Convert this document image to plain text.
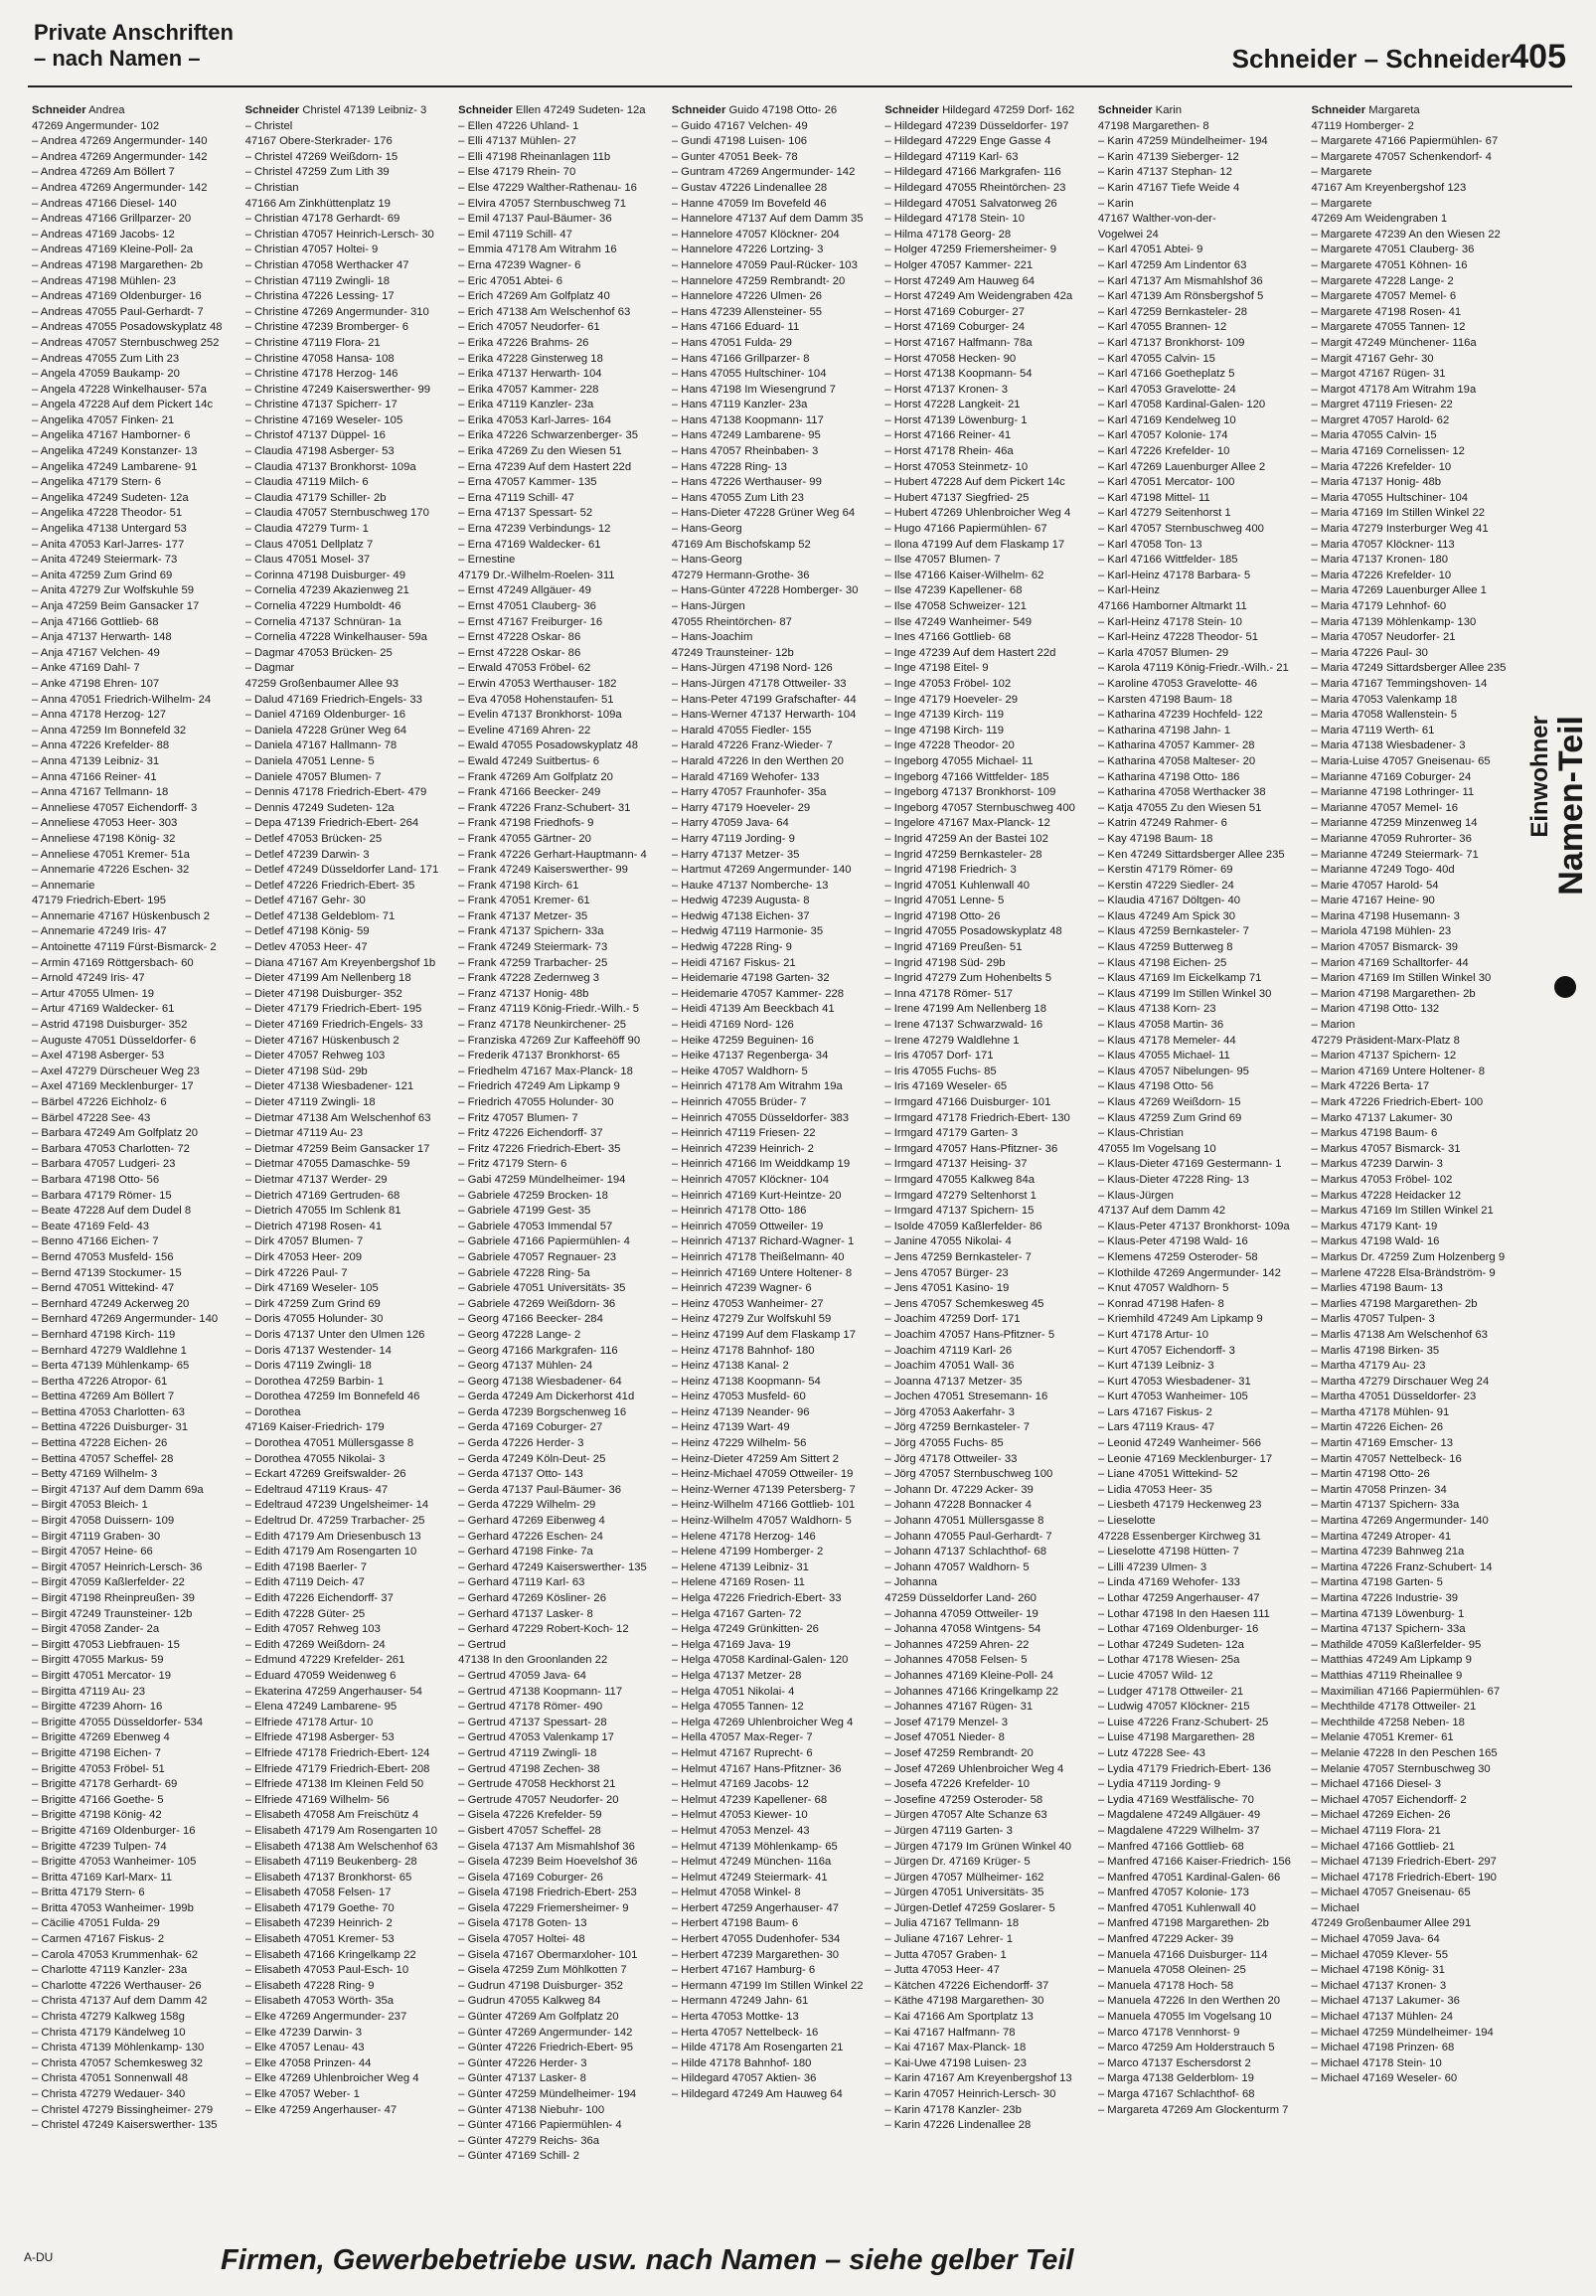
Private Anschriften
– nach Namen –	Schneider – Schneider 405
Schneider Andrea
47269 Angermunder- 102
– Andrea 47269 Angermunder- 140
– Andrea 47269 Angermunder- 142
– Andrea 47269 Am Böllert 7
– Andrea 47269 Angermunder- 142
– Andreas 47166 Diesel- 140
– Andreas 47166 Grillparzer- 20
– Andreas 47169 Jacobs- 12
– Andreas 47169 Kleine-Poll- 2a
– Andreas 47198 Margarethen- 2b
– Andreas 47198 Mühlen- 23
– Andreas 47169 Oldenburger- 16
– Andreas 47055 Paul-Gerhardt- 7
– Andreas 47055 Posadowskyplatz 48
– Andreas 47057 Sternbuschweg 252
– Andreas 47055 Zum Lith 23
– Angela 47059 Baukamp- 20
– Angela 47228 Winkelhauser- 57a
– Angela 47228 Auf dem Pickert 14c
– Angelika 47057 Finken- 21
– Angelika 47167 Hamborner- 6
– Angelika 47249 Konstanzer- 13
– Angelika 47249 Lambarene- 91
– Angelika 47179 Stern- 6
– Angelika 47249 Sudeten- 12a
– Angelika 47228 Theodor- 51
– Angelika 47138 Untergard 53
– Anita 47053 Karl-Jarres- 177
– Anita 47249 Steiermark- 73
– Anita 47259 Zum Grind 69
– Anita 47279 Zur Wolfskuhle 59
– Anja 47259 Beim Gansacker 17
– Anja 47166 Gottlieb- 68
– Anja 47137 Herwarth- 148
– Anja 47167 Velchen- 49
– Anke 47169 Dahl- 7
– Anke 47198 Ehren- 107
– Anna 47051 Friedrich-Wilhelm- 24
– Anna 47178 Herzog- 127
– Anna 47259 Im Bonnefeld 32
– Anna 47226 Krefelder- 88
– Anna 47139 Leibniz- 31
– Anna 47166 Reiner- 41
– Anna 47167 Tellmann- 18
– Anneliese 47057 Eichendorff- 3
– Anneliese 47053 Heer- 303
– Anneliese 47198 König- 32
– Anneliese 47051 Kremer- 51a
– Annemarie 47226 Eschen- 32
– Annemarie
47179 Friedrich-Ebert- 195
– Annemarie 47167 Hüskenbusch 2
– Annemarie 47249 Iris- 47
– Antoinette 47119 Fürst-Bismarck- 2
– Armin 47169 Röttgersbach- 60
– Arnold 47249 Iris- 47
– Artur 47055 Ulmen- 19
– Artur 47169 Waldecker- 61
– Astrid 47198 Duisburger- 352
– Auguste 47051 Düsseldorfer- 6
– Axel 47198 Asberger- 53
– Axel 47279 Dürscheuer Weg 23
– Axel 47169 Mecklenburger- 17
– Bärbel 47226 Eichholz- 6
– Bärbel 47228 See- 43
– Barbara 47249 Am Golfplatz 20
– Barbara 47053 Charlotten- 72
– Barbara 47057 Ludgeri- 23
– Barbara 47198 Otto- 56
– Barbara 47179 Römer- 15
– Beate 47228 Auf dem Dudel 8
– Beate 47169 Feld- 43
– Benno 47166 Eichen- 7
– Bernd 47053 Musfeld- 156
– Bernd 47139 Stockumer- 15
– Bernd 47051 Wittekind- 47
– Bernhard 47249 Ackerweg 20
– Bernhard 47269 Angermunder- 140
– Bernhard 47198 Kirch- 119
– Bernhard 47279 Waldlehne 1
– Berta 47139 Mühlenkamp- 65
– Bertha 47226 Atropor- 61
– Bettina 47269 Am Böllert 7
– Bettina 47053 Charlotten- 63
– Bettina 47226 Duisburger- 31
– Bettina 47228 Eichen- 26
– Bettina 47057 Scheffel- 28
– Betty 47169 Wilhelm- 3
– Birgit 47137 Auf dem Damm 69a
– Birgit 47053 Bleich- 1
– Birgit 47058 Duissern- 109
– Birgit 47119 Graben- 30
– Birgit 47057 Heine- 66
– Birgit 47057 Heinrich-Lersch- 36
– Birgit 47059 Kaßlerfelder- 22
– Birgit 47198 Rheinpreußen- 39
– Birgit 47249 Traunsteiner- 12b
– Birgit 47058 Zander- 2a
– Birgitt 47053 Liebfrauen- 15
– Birgitt 47055 Markus- 59
– Birgitt 47051 Mercator- 19
– Birgitta 47119 Au- 23
– Birgitte 47239 Ahorn- 16
– Brigitte 47055 Düsseldorfer- 534
– Brigitte 47269 Ebenweg 4
– Brigitte 47198 Eichen- 7
– Brigitte 47053 Fröbel- 51
– Brigitte 47178 Gerhardt- 69
– Brigitte 47166 Goethe- 5
– Brigitte 47198 König- 42
– Brigitte 47169 Oldenburger- 16
– Brigitte 47239 Tulpen- 74
– Brigitte 47053 Wanheimer- 105
– Britta 47169 Karl-Marx- 11
– Britta 47179 Stern- 6
– Britta 47053 Wanheimer- 199b
– Cäcilie 47051 Fulda- 29
– Carmen 47167 Fiskus- 2
– Carola 47053 Krummenhak- 62
– Charlotte 47119 Kanzler- 23a
– Charlotte 47226 Werthauser- 26
– Christa 47137 Auf dem Damm 42
– Christa 47279 Kalkweg 158g
– Christa 47179 Kändelweg 10
– Christa 47139 Möhlenkamp- 130
– Christa 47057 Schemkesweg 32
– Christa 47051 Sonnenwall 48
– Christa 47279 Wedauer- 340
– Christel 47279 Bissingheimer- 279
– Christel 47249 Kaiserswerther- 135
Schneider Christel 47139 Leibniz- 3
– Christel
47167 Obere-Sterkrader- 176
– Christel 47269 Weißdorn- 15
– Christel 47259 Zum Lith 39
– Christian
47166 Am Zinkhüttenplatz 19
– Christian 47178 Gerhardt- 69
– Christian 47057 Heinrich-Lersch- 30
– Christian 47057 Holtei- 9
– Christian 47058 Werthacker 47
– Christian 47119 Zwingli- 18
– Christina 47226 Lessing- 17
– Christine 47269 Angermunder- 310
– Christine 47239 Bromberger- 6
– Christine 47119 Flora- 21
– Christine 47058 Hansa- 108
– Christine 47178 Herzog- 146
– Christine 47249 Kaiserswerther- 99
– Christine 47137 Spicherr- 17
– Christine 47169 Weseler- 105
– Christof 47137 Düppel- 16
– Claudia 47198 Asberger- 53
– Claudia 47137 Bronkhorst- 109a
– Claudia 47119 Milch- 6
– Claudia 47179 Schiller- 2b
– Claudia 47057 Sternbuschweg 170
– Claudia 47279 Turm- 1
– Claus 47051 Dellplatz 7
– Claus 47051 Mosel- 37
– Corinna 47198 Duisburger- 49
– Cornelia 47239 Akazienweg 21
– Cornelia 47229 Humboldt- 46
– Cornelia 47137 Schnüran- 1a
– Cornelia 47228 Winkelhauser- 59a
– Dagmar 47053 Brücken- 25
– Dagmar
47259 Großenbaumer Allee 93
– Dalud 47169 Friedrich-Engels- 33
– Daniel 47169 Oldenburger- 16
– Daniela 47228 Grüner Weg 64
– Daniela 47167 Hallmann- 78
– Daniela 47051 Lenne- 5
– Daniele 47057 Blumen- 7
– Dennis 47178 Friedrich-Ebert- 479
– Dennis 47249 Sudeten- 12a
– Depa 47139 Friedrich-Ebert- 264
– Detlef 47053 Brücken- 25
– Detlef 47239 Darwin- 3
– Detlef 47249 Düsseldorfer Land- 171
– Detlef 47226 Friedrich-Ebert- 35
– Detlef 47167 Gehr- 30
– Detlef 47138 Geldeblom- 71
– Detlef 47198 König- 59
– Detlev 47053 Heer- 47
– Diana 47167 Am Kreyenbergshof 1b
– Dieter 47199 Am Nellenberg 18
– Dieter 47198 Duisburger- 352
– Dieter 47179 Friedrich-Ebert- 195
– Dieter 47169 Friedrich-Engels- 33
– Dieter 47167 Hüskenbusch 2
– Dieter 47057 Rehweg 103
– Dieter 47198 Süd- 29b
– Dieter 47138 Wiesbadener- 121
– Dieter 47119 Zwingli- 18
– Dietmar 47138 Am Welschenhof 63
– Dietmar 47119 Au- 23
– Dietmar 47259 Beim Gansacker 17
– Dietmar 47055 Damaschke- 59
– Dietmar 47137 Werder- 29
– Dietrich 47169 Gertruden- 68
– Dietrich 47055 Im Schlenk 81
– Dietrich 47198 Rosen- 41
– Dirk 47057 Blumen- 7
– Dirk 47053 Heer- 209
– Dirk 47226 Paul- 7
– Dirk 47169 Weseler- 105
– Dirk 47259 Zum Grind 69
– Doris 47055 Holunder- 30
– Doris 47137 Unter den Ulmen 126
– Doris 47137 Westender- 14
– Doris 47119 Zwingli- 18
– Dorothea 47259 Barbin- 1
– Dorothea 47259 Im Bonnefeld 46
– Dorothea
47169 Kaiser-Friedrich- 179
– Dorothea 47051 Müllersgasse 8
– Dorothea 47055 Nikolai- 3
– Eckart 47269 Greifswalder- 26
– Edeltraud 47119 Kraus- 47
– Edeltraud 47239 Ungelsheimer- 14
– Edeltrud Dr. 47259 Trarbacher- 25
– Edith 47179 Am Driesenbusch 13
– Edith 47179 Am Rosengarten 10
– Edith 47198 Baerler- 7
– Edith 47119 Deich- 47
– Edith 47226 Eichendorff- 37
– Edith 47228 Güter- 25
– Edith 47057 Rehweg 103
– Edith 47269 Weißdorn- 24
– Edmund 47229 Krefelder- 261
– Eduard 47059 Weidenweg 6
– Ekaterina 47259 Angerhauser- 54
– Elena 47249 Lambarene- 95
– Elfriede 47178 Artur- 10
– Elfriede 47198 Asberger- 53
– Elfriede 47178 Friedrich-Ebert- 124
– Elfriede 47179 Friedrich-Ebert- 208
– Elfriede 47138 Im Kleinen Feld 50
– Elfriede 47169 Wilhelm- 56
– Elisabeth 47058 Am Freischütz 4
– Elisabeth 47179 Am Rosengarten 10
– Elisabeth 47138 Am Welschenhof 63
– Elisabeth 47119 Beukenberg- 28
– Elisabeth 47137 Bronkhorst- 65
– Elisabeth 47058 Felsen- 17
– Elisabeth 47179 Goethe- 70
– Elisabeth 47239 Heinrich- 2
– Elisabeth 47051 Kremer- 53
– Elisabeth 47166 Kringelkamp 22
– Elisabeth 47053 Paul-Esch- 10
– Elisabeth 47228 Ring- 9
– Elisabeth 47053 Wörth- 35a
– Elke 47269 Angermunder- 237
– Elke 47239 Darwin- 3
– Elke 47057 Lenau- 43
– Elke 47058 Prinzen- 44
– Elke 47269 Uhlenbroicher Weg 4
– Elke 47057 Weber- 1
– Elke 47259 Angerhauser- 47
Schneider Ellen 47249 Sudeten- 12a
– Ellen 47226 Uhland- 1
– Elli 47137 Mühlen- 27
– Elli 47198 Rheinanlagen 11b
– Else 47179 Rhein- 70
– Else 47229 Walther-Rathenau- 16
– Elvira 47057 Sternbuschweg 71
– Emil 47137 Paul-Bäumer- 36
– Emil 47119 Schill- 47
– Emmia 47178 Am Witrahm 16
– Erna 47239 Wagner- 6
– Eric 47051 Abtei- 6
– Erich 47269 Am Golfplatz 40
– Erich 47138 Am Welschenhof 63
– Erich 47057 Neudorfer- 61
– Erika 47226 Brahms- 26
– Erika 47228 Ginsterweg 18
– Erika 47137 Herwarth- 104
– Erika 47057 Kammer- 228
– Erika 47119 Kanzler- 23a
– Erika 47053 Karl-Jarres- 164
– Erika 47226 Schwarzenberger- 35
– Erika 47269 Zu den Wiesen 51
– Erna 47239 Auf dem Hastert 22d
– Erna 47057 Kammer- 135
– Erna 47119 Schill- 47
– Erna 47137 Spessart- 52
– Erna 47239 Verbindungs- 12
– Erna 47169 Waldecker- 61
– Ernestine
47179 Dr.-Wilhelm-Roelen- 311
– Ernst 47249 Allgäuer- 49
– Ernst 47051 Clauberg- 36
– Ernst 47167 Freiburger- 16
– Ernst 47228 Oskar- 86
– Ernst 47228 Oskar- 86
– Erwald 47053 Fröbel- 62
– Erwin 47053 Werthauser- 182
– Eva 47058 Hohenstaufen- 51
– Evelin 47137 Bronkhorst- 109a
– Eveline 47169 Ahren- 22
– Ewald 47055 Posadowskyplatz 48
– Ewald 47249 Suitbertus- 6
– Frank 47269 Am Golfplatz 20
– Frank 47166 Beecker- 249
– Frank 47226 Franz-Schubert- 31
– Frank 47198 Friedhofs- 9
– Frank 47055 Gärtner- 20
– Frank 47226 Gerhart-Hauptmann- 4
– Frank 47249 Kaiserswerther- 99
– Frank 47198 Kirch- 61
– Frank 47051 Kremer- 61
– Frank 47137 Metzer- 35
– Frank 47137 Spichern- 33a
– Frank 47249 Steiermark- 73
– Frank 47259 Trarbacher- 25
– Frank 47228 Zedernweg 3
– Franz 47137 Honig- 48b
– Franz 47119 König-Friedr.-Wilh.- 5
– Franz 47178 Neunkirchener- 25
– Franziska 47269 Zur Kaffeehöff 90
– Frederik 47137 Bronkhorst- 65
– Friedhelm 47167 Max-Planck- 18
– Friedrich 47249 Am Lipkamp 9
– Friedrich 47055 Holunder- 30
– Fritz 47057 Blumen- 7
– Fritz 47226 Eichendorff- 37
– Fritz 47226 Friedrich-Ebert- 35
– Fritz 47179 Stern- 6
– Gabi 47259 Mündelheimer- 194
– Gabriele 47259 Brocken- 18
– Gabriele 47199 Gest- 35
– Gabriele 47053 Immendal 57
– Gabriele 47166 Papiermühlen- 4
– Gabriele 47057 Regnauer- 23
– Gabriele 47228 Ring- 5a
– Gabriele 47051 Universitäts- 35
– Gabriele 47269 Weißdorn- 36
– Georg 47166 Beecker- 284
– Georg 47228 Lange- 2
– Georg 47166 Markgrafen- 116
– Georg 47137 Mühlen- 24
– Georg 47138 Wiesbadener- 64
– Gerda 47249 Am Dickerhorst 41d
– Gerda 47239 Borgschenweg 16
– Gerda 47169 Coburger- 27
– Gerda 47226 Herder- 3
– Gerda 47249 Köln-Deut- 25
– Gerda 47137 Otto- 143
– Gerda 47137 Paul-Bäumer- 36
– Gerda 47229 Wilhelm- 29
– Gerhard 47269 Eibenweg 4
– Gerhard 47226 Eschen- 24
– Gerhard 47198 Finke- 7a
– Gerhard 47249 Kaiserswerther- 135
– Gerhard 47119 Karl- 63
– Gerhard 47269 Kösliner- 26
– Gerhard 47137 Lasker- 8
– Gerhard 47229 Robert-Koch- 12
– Gertrud
47138 In den Groonlanden 22
– Gertrud 47059 Java- 64
– Gertrud 47138 Koopmann- 117
– Gertrud 47178 Römer- 490
– Gertrud 47137 Spessart- 28
– Gertrud 47053 Valenkamp 17
– Gertrud 47119 Zwingli- 18
– Gertrud 47198 Zechen- 38
– Gertrude 47058 Heckhorst 21
– Gertrude 47057 Neudorfer- 20
– Gisela 47226 Krefelder- 59
– Gisbert 47057 Scheffel- 28
– Gisela 47137 Am Mismahlshof 36
– Gisela 47239 Beim Hoevelshof 36
– Gisela 47169 Coburger- 26
– Gisela 47198 Friedrich-Ebert- 253
– Gisela 47229 Friemersheimer- 9
– Gisela 47178 Goten- 13
– Gisela 47057 Holtei- 48
– Gisela 47167 Obermarxloher- 101
– Gisela 47259 Zum Möhlkotten 7
– Gudrun 47198 Duisburger- 352
– Gudrun 47055 Kalkweg 84
– Günter 47269 Am Golfplatz 20
– Günter 47269 Angermunder- 142
– Günter 47226 Friedrich-Ebert- 95
– Günter 47226 Herder- 3
– Günter 47137 Lasker- 8
– Günter 47259 Mündelheimer- 194
– Günter 47138 Niebuhr- 100
– Günter 47166 Papiermühlen- 4
– Günter 47279 Reichs- 36a
– Günter 47169 Schill- 2
Schneider Guido 47198 Otto- 26
– Guido 47167 Velchen- 49
– Gundi 47198 Luisen- 106
– Gunter 47051 Beek- 78
– Guntram 47269 Angermunder- 142
– Gustav 47226 Lindenallee 28
– Hanne 47059 Im Bovefeld 46
– Hannelore 47137 Auf dem Damm 35
– Hannelore 47057 Klöckner- 204
– Hannelore 47226 Lortzing- 3
– Hannelore 47059 Paul-Rücker- 103
– Hannelore 47259 Rembrandt- 20
– Hannelore 47226 Ulmen- 26
– Hans 47239 Allensteiner- 55
– Hans 47166 Eduard- 11
– Hans 47051 Fulda- 29
– Hans 47166 Grillparzer- 8
– Hans 47055 Hultschiner- 104
– Hans 47198 Im Wiesengrund 7
– Hans 47119 Kanzler- 23a
– Hans 47138 Koopmann- 117
– Hans 47249 Lambarene- 95
– Hans 47057 Rheinbaben- 3
– Hans 47228 Ring- 13
– Hans 47226 Werthauser- 99
– Hans 47055 Zum Lith 23
– Hans-Dieter 47228 Grüner Weg 64
– Hans-Georg
47169 Am Bischofskamp 52
– Hans-Georg
47279 Hermann-Grothe- 36
– Hans-Günter 47228 Homberger- 30
– Hans-Jürgen
47055 Rheintörchen- 87
– Hans-Joachim
47249 Traunsteiner- 12b
– Hans-Jürgen 47198 Nord- 126
– Hans-Jürgen 47178 Ottweiler- 33
– Hans-Peter 47199 Grafschafter- 44
– Hans-Werner 47137 Herwarth- 104
– Harald 47055 Fiedler- 155
– Harald 47226 Franz-Wieder- 7
– Harald 47226 In den Werthen 20
– Harald 47169 Wehofer- 133
– Harry 47057 Fraunhofer- 35a
– Harry 47179 Hoeveler- 29
– Harry 47059 Java- 64
– Harry 47119 Jording- 9
– Harry 47137 Metzer- 35
– Hartmut 47269 Angermunder- 140
– Hauke 47137 Nomberche- 13
– Hedwig 47239 Augusta- 8
– Hedwig 47138 Eichen- 37
– Hedwig 47119 Harmonie- 35
– Hedwig 47228 Ring- 9
– Heidi 47167 Fiskus- 21
– Heidemarie 47198 Garten- 32
– Heidemarie 47057 Kammer- 228
– Heidi 47139 Am Beeckbach 41
– Heidi 47169 Nord- 126
– Heike 47259 Beguinen- 16
– Heike 47137 Regenberga- 34
– Heike 47057 Waldhorn- 5
– Heinrich 47178 Am Witrahm 19a
– Heinrich 47055 Brüder- 7
– Heinrich 47055 Düsseldorfer- 383
– Heinrich 47119 Friesen- 22
– Heinrich 47239 Heinrich- 2
– Heinrich 47166 Im Weiddkamp 19
– Heinrich 47057 Klöckner- 104
– Heinrich 47169 Kurt-Heintze- 20
– Heinrich 47178 Otto- 186
– Heinrich 47059 Ottweiler- 19
– Heinrich 47137 Richard-Wagner- 1
– Heinrich 47178 Theißelmann- 40
– Heinrich 47169 Untere Holtener- 8
– Heinrich 47239 Wagner- 6
– Heinz 47053 Wanheimer- 27
– Heinz 47279 Zur Wolfskuhl 59
– Heinz 47199 Auf dem Flaskamp 17
– Heinz 47178 Bahnhof- 180
– Heinz 47138 Kanal- 2
– Heinz 47138 Koopmann- 54
– Heinz 47053 Musfeld- 60
– Heinz 47139 Neander- 96
– Heinz 47139 Wart- 49
– Heinz 47229 Wilhelm- 56
– Heinz-Dieter 47259 Am Sittert 2
– Heinz-Michael 47059 Ottweiler- 19
– Heinz-Werner 47139 Petersberg- 7
– Heinz-Wilhelm 47166 Gottlieb- 101
– Heinz-Wilhelm 47057 Waldhorn- 5
– Helene 47178 Herzog- 146
– Helene 47199 Homberger- 2
– Helene 47139 Leibniz- 31
– Helene 47169 Rosen- 11
– Helga 47226 Friedrich-Ebert- 33
– Helga 47167 Garten- 72
– Helga 47249 Grünkitten- 26
– Helga 47169 Java- 19
– Helga 47058 Kardinal-Galen- 120
– Helga 47137 Metzer- 28
– Helga 47051 Nikolai- 4
– Helga 47055 Tannen- 12
– Helga 47269 Uhlenbroicher Weg 4
– Hella 47057 Max-Reger- 7
– Helmut 47167 Ruprecht- 6
– Helmut 47167 Hans-Pfitzner- 36
– Helmut 47169 Jacobs- 12
– Helmut 47239 Kapellener- 68
– Helmut 47053 Kiewer- 10
– Helmut 47053 Menzel- 43
– Helmut 47139 Möhlenkamp- 65
– Helmut 47249 München- 116a
– Helmut 47249 Steiermark- 41
– Helmut 47058 Winkel- 8
– Herbert 47259 Angerhauser- 47
– Herbert 47198 Baum- 6
– Herbert 47055 Dudenhofer- 534
– Herbert 47239 Margarethen- 30
– Herbert 47167 Hamburg- 6
– Hermann 47199 Im Stillen Winkel 22
– Hermann 47249 Jahn- 61
– Herta 47053 Mottke- 13
– Herta 47057 Nettelbeck- 16
– Hilde 47178 Am Rosengarten 21
– Hilde 47178 Bahnhof- 180
– Hildegard 47057 Aktien- 36
– Hildegard 47249 Am Hauweg 64
Schneider Hildegard 47259 Dorf- 162
– Hildegard 47239 Düsseldorfer- 197
– Hildegard 47229 Enge Gasse 4
– Hildegard 47119 Karl- 63
– Hildegard 47166 Markgrafen- 116
– Hildegard 47055 Rheintörchen- 23
– Hildegard 47051 Salvatorweg 26
– Hildegard 47178 Stein- 10
– Hilma 47178 Georg- 28
– Holger 47259 Friemersheimer- 9
– Holger 47057 Kammer- 221
– Horst 47249 Am Hauweg 64
– Horst 47249 Am Weidengraben 42a
– Horst 47169 Coburger- 27
– Horst 47169 Coburger- 24
– Horst 47167 Halfmann- 78a
– Horst 47058 Hecken- 90
– Horst 47138 Koopmann- 54
– Horst 47137 Kronen- 3
– Horst 47228 Langkeit- 21
– Horst 47139 Löwenburg- 1
– Horst 47166 Reiner- 41
– Horst 47178 Rhein- 46a
– Horst 47053 Steinmetz- 10
– Hubert 47228 Auf dem Pickert 14c
– Hubert 47137 Siegfried- 25
– Hubert 47269 Uhlenbroicher Weg 4
– Hugo 47166 Papiermühlen- 67
– Ilona 47199 Auf dem Flaskamp 17
– Ilse 47057 Blumen- 7
– Ilse 47166 Kaiser-Wilhelm- 62
– Ilse 47239 Kapellener- 68
– Ilse 47058 Schweizer- 121
– Ilse 47249 Wanheimer- 549
– Ines 47166 Gottlieb- 68
– Inge 47239 Auf dem Hastert 22d
– Inge 47198 Eitel- 9
– Inge 47053 Fröbel- 102
– Inge 47179 Hoeveler- 29
– Inge 47139 Kirch- 119
– Inge 47198 Kirch- 119
– Inge 47228 Theodor- 20
– Ingeborg 47055 Michael- 11
– Ingeborg 47166 Wittfelder- 185
– Ingeborg 47137 Bronkhorst- 109
– Ingeborg 47057 Sternbuschweg 400
– Ingelore 47167 Max-Planck- 12
– Ingrid 47259 An der Bastei 102
– Ingrid 47259 Bernkasteler- 28
– Ingrid 47198 Friedrich- 3
– Ingrid 47051 Kuhlenwall 40
– Ingrid 47051 Lenne- 5
– Ingrid 47198 Otto- 26
– Ingrid 47055 Posadowskyplatz 48
– Ingrid 47169 Preußen- 51
– Ingrid 47198 Süd- 29b
– Ingrid 47279 Zum Hohenbelts 5
– Inna 47178 Römer- 517
– Irene 47199 Am Nellenberg 18
– Irene 47137 Schwarzwald- 16
– Irene 47279 Waldlehne 1
– Iris 47057 Dorf- 171
– Iris 47055 Fuchs- 85
– Iris 47169 Weseler- 65
– Irmgard 47166 Duisburger- 101
– Irmgard 47178 Friedrich-Ebert- 130
– Irmgard 47179 Garten- 3
– Irmgard 47057 Hans-Pfitzner- 36
– Irmgard 47137 Heising- 37
– Irmgard 47055 Kalkweg 84a
– Irmgard 47279 Seltenhorst 1
– Irmgard 47137 Spichern- 15
– Isolde 47059 Kaßlerfelder- 86
– Janine 47055 Nikolai- 4
– Jens 47259 Bernkasteler- 7
– Jens 47057 Bürger- 23
– Jens 47051 Kasino- 19
– Jens 47057 Schemkesweg 45
– Joachim 47259 Dorf- 171
– Joachim 47057 Hans-Pfitzner- 5
– Joachim 47119 Karl- 26
– Joachim 47051 Wall- 36
– Joanna 47137 Metzer- 35
– Jochen 47051 Stresemann- 16
– Jörg 47053 Aakerfahr- 3
– Jörg 47259 Bernkasteler- 7
– Jörg 47055 Fuchs- 85
– Jörg 47178 Ottweiler- 33
– Jörg 47057 Sternbuschweg 100
– Johann Dr. 47229 Acker- 39
– Johann 47228 Bonnacker 4
– Johann 47051 Müllersgasse 8
– Johann 47055 Paul-Gerhardt- 7
– Johann 47137 Schlachthof- 68
– Johann 47057 Waldhorn- 5
– Johanna
47259 Düsseldorfer Land- 260
– Johanna 47059 Ottweiler- 19
– Johanna 47058 Wintgens- 54
– Johannes 47259 Ahren- 22
– Johannes 47058 Felsen- 5
– Johannes 47169 Kleine-Poll- 24
– Johannes 47166 Kringelkamp 22
– Johannes 47167 Rügen- 31
– Josef 47179 Menzel- 3
– Josef 47051 Nieder- 8
– Josef 47259 Rembrandt- 20
– Josef 47269 Uhlenbroicher Weg 4
– Josefa 47226 Krefelder- 10
– Josefine 47259 Osteroder- 58
– Jürgen 47057 Alte Schanze 63
– Jürgen 47119 Garten- 3
– Jürgen 47179 Im Grünen Winkel 40
– Jürgen Dr. 47169 Krüger- 5
– Jürgen 47057 Mülheimer- 162
– Jürgen 47051 Universitäts- 35
– Jürgen-Detlef 47259 Goslarer- 5
– Julia 47167 Tellmann- 18
– Juliane 47167 Lehrer- 1
– Jutta 47057 Graben- 1
– Jutta 47053 Heer- 47
– Kätchen 47226 Eichendorff- 37
– Käthe 47198 Margarethen- 30
– Kai 47166 Am Sportplatz 13
– Kai 47167 Halfmann- 78
– Kai 47167 Max-Planck- 18
– Kai-Uwe 47198 Luisen- 23
– Karin 47167 Am Kreyenbergshof 13
– Karin 47057 Heinrich-Lersch- 30
– Karin 47178 Kanzler- 23b
– Karin 47226 Lindenallee 28
Schneider Karin
47198 Margarethen- 8
– Karin 47259 Mündelheimer- 194
– Karin 47139 Sieberger- 12
– Karin 47137 Stephan- 12
– Karin 47167 Tiefe Weide 4
– Karin
47167 Walther-von-der-
Vogelwei 24
– Karl 47051 Abtei- 9
– Karl 47259 Am Lindentor 63
– Karl 47137 Am Mismahlshof 36
– Karl 47139 Am Rönsbergshof 5
– Karl 47259 Bernkasteler- 28
– Karl 47055 Brannen- 12
– Karl 47137 Bronkhorst- 109
– Karl 47055 Calvin- 15
– Karl 47166 Goetheplatz 5
– Karl 47053 Gravelotte- 24
– Karl 47058 Kardinal-Galen- 120
– Karl 47169 Kendelweg 10
– Karl 47057 Kolonie- 174
– Karl 47226 Krefelder- 10
– Karl 47269 Lauenburger Allee 2
– Karl 47051 Mercator- 100
– Karl 47198 Mittel- 11
– Karl 47279 Seitenhorst 1
– Karl 47057 Sternbuschweg 400
– Karl 47058 Ton- 13
– Karl 47166 Wittfelder- 185
– Karl-Heinz 47178 Barbara- 5
– Karl-Heinz
47166 Hamborner Altmarkt 11
– Karl-Heinz 47178 Stein- 10
– Karl-Heinz 47228 Theodor- 51
– Karla 47057 Blumen- 29
– Karola 47119 König-Friedr.-Wilh.- 21
– Karoline 47053 Gravelotte- 46
– Karsten 47198 Baum- 18
– Katharina 47239 Hochfeld- 122
– Katharina 47198 Jahn- 1
– Katharina 47057 Kammer- 28
– Katharina 47058 Malteser- 20
– Katharina 47198 Otto- 186
– Katharina 47058 Werthacker 38
– Katja 47055 Zu den Wiesen 51
– Katrin 47249 Rahmer- 6
– Kay 47198 Baum- 18
– Ken 47249 Sittardsberger Allee 235
– Kerstin 47179 Römer- 69
– Kerstin 47229 Siedler- 24
– Klaudia 47167 Döltgen- 40
– Klaus 47249 Am Spick 30
– Klaus 47259 Bernkasteler- 7
– Klaus 47259 Butterweg 8
– Klaus 47198 Eichen- 25
– Klaus 47169 Im Eickelkamp 71
– Klaus 47199 Im Stillen Winkel 30
– Klaus 47138 Korn- 23
– Klaus 47058 Martin- 36
– Klaus 47178 Memeler- 44
– Klaus 47055 Michael- 11
– Klaus 47057 Nibelungen- 95
– Klaus 47198 Otto- 56
– Klaus 47269 Weißdorn- 15
– Klaus 47259 Zum Grind 69
– Klaus-Christian
47055 Im Vogelsang 10
– Klaus-Dieter 47169 Gestermann- 1
– Klaus-Dieter 47228 Ring- 13
– Klaus-Jürgen
47137 Auf dem Damm 42
– Klaus-Peter 47137 Bronkhorst- 109a
– Klaus-Peter 47198 Wald- 16
– Klemens 47259 Osteroder- 58
– Klothilde 47269 Angermunder- 142
– Knut 47057 Waldhorn- 5
– Konrad 47198 Hafen- 8
– Kriemhild 47249 Am Lipkamp 9
– Kurt 47178 Artur- 10
– Kurt 47057 Eichendorff- 3
– Kurt 47139 Leibniz- 3
– Kurt 47053 Wiesbadener- 31
– Kurt 47053 Wanheimer- 105
– Lars 47167 Fiskus- 2
– Lars 47119 Kraus- 47
– Leonid 47249 Wanheimer- 566
– Leonie 47169 Mecklenburger- 17
– Liane 47051 Wittekind- 52
– Lidia 47053 Heer- 35
– Liesbeth 47179 Heckenweg 23
– Lieselotte
47228 Essenberger Kirchweg 31
– Lieselotte 47198 Hütten- 7
– Lilli 47239 Ulmen- 3
– Linda 47169 Wehofer- 133
– Lothar 47259 Angerhauser- 47
– Lothar 47198 In den Haesen 111
– Lothar 47169 Oldenburger- 16
– Lothar 47249 Sudeten- 12a
– Lothar 47178 Wiesen- 25a
– Lucie 47057 Wild- 12
– Ludger 47178 Ottweiler- 21
– Ludwig 47057 Klöckner- 215
– Luise 47226 Franz-Schubert- 25
– Luise 47198 Margarethen- 28
– Lutz 47228 See- 43
– Lydia 47179 Friedrich-Ebert- 136
– Lydia 47119 Jording- 9
– Lydia 47169 Westfälische- 70
– Magdalene 47249 Allgäuer- 49
– Magdalene 47229 Wilhelm- 37
– Manfred 47166 Gottlieb- 68
– Manfred 47166 Kaiser-Friedrich- 156
– Manfred 47051 Kardinal-Galen- 66
– Manfred 47057 Kolonie- 173
– Manfred 47051 Kuhlenwall 40
– Manfred 47198 Margarethen- 2b
– Manfred 47229 Acker- 39
– Manuela 47166 Duisburger- 114
– Manuela 47058 Oleinen- 25
– Manuela 47178 Hoch- 58
– Manuela 47226 In den Werthen 20
– Manuela 47055 Im Vogelsang 10
– Marco 47178 Vennhorst- 9
– Marco 47259 Am Holderstrauch 5
– Marco 47137 Eschersdorst 2
– Marga 47138 Gelderblom- 19
– Marga 47167 Schlachthof- 68
– Margareta 47269 Am Glockenturm 7
Schneider Margareta
47119 Homberger- 2
– Margarete 47166 Papiermühlen- 67
– Margarete 47057 Schenkendorf- 4
– Margarete
47167 Am Kreyenbergshof 123
– Margarete
47269 Am Weidengraben 1
– Margarete 47239 An den Wiesen 22
– Margarete 47051 Clauberg- 36
– Margarete 47051 Köhnen- 16
– Margarete 47228 Lange- 2
– Margarete 47057 Memel- 6
– Margarete 47198 Rosen- 41
– Margarete 47055 Tannen- 12
– Margit 47249 Münchener- 116a
– Margit 47167 Gehr- 30
– Margot 47167 Rügen- 31
– Margot 47178 Am Witrahm 19a
– Margret 47119 Friesen- 22
– Margret 47057 Harold- 62
– Maria 47055 Calvin- 15
– Maria 47169 Cornelissen- 12
– Maria 47226 Krefelder- 10
– Maria 47137 Honig- 48b
– Maria 47055 Hultschiner- 104
– Maria 47169 Im Stillen Winkel 22
– Maria 47279 Insterburger Weg 41
– Maria 47057 Klöckner- 113
– Maria 47137 Kronen- 180
– Maria 47226 Krefelder- 10
– Maria 47269 Lauenburger Allee 1
– Maria 47179 Lehnhof- 60
– Maria 47139 Möhlenkamp- 130
– Maria 47057 Neudorfer- 21
– Maria 47226 Paul- 30
– Maria 47249 Sittardsberger Allee 235
– Maria 47167 Temmingshoven- 14
– Maria 47053 Valenkamp 18
– Maria 47058 Wallenstein- 5
– Maria 47119 Werth- 61
– Maria 47138 Wiesbadener- 3
– Maria-Luise 47057 Gneisenau- 65
– Marianne 47169 Coburger- 24
– Marianne 47198 Lothringer- 11
– Marianne 47057 Memel- 16
– Marianne 47259 Minzenweg 14
– Marianne 47059 Ruhrorter- 36
– Marianne 47249 Steiermark- 71
– Marianne 47249 Togo- 40d
– Marie 47057 Harold- 54
– Marie 47167 Heine- 90
– Marina 47198 Husemann- 3
– Mariola 47198 Mühlen- 23
– Marion 47057 Bismarck- 39
– Marion 47169 Schalltorfer- 44
– Marion 47169 Im Stillen Winkel 30
– Marion 47198 Margarethen- 2b
– Marion 47198 Otto- 132
– Marion
47279 Präsident-Marx-Platz 8
– Marion 47137 Spichern- 12
– Marion 47169 Untere Holtener- 8
– Mark 47226 Berta- 17
– Mark 47226 Friedrich-Ebert- 100
– Marko 47137 Lakumer- 30
– Markus 47198 Baum- 6
– Markus 47057 Bismarck- 31
– Markus 47239 Darwin- 3
– Markus 47053 Fröbel- 102
– Markus 47228 Heidacker 12
– Markus 47169 Im Stillen Winkel 21
– Markus 47179 Kant- 19
– Markus 47198 Wald- 16
– Markus Dr. 47259 Zum Holzenberg 9
– Marlene 47228 Elsa-Brändström- 9
– Marlies 47198 Baum- 13
– Marlies 47198 Margarethen- 2b
– Marlis 47057 Tulpen- 3
– Marlis 47138 Am Welschenhof 63
– Marlis 47198 Birken- 35
– Martha 47179 Au- 23
– Martha 47279 Dirschauer Weg 24
– Martha 47051 Düsseldorfer- 23
– Martha 47178 Mühlen- 91
– Martin 47226 Eichen- 26
– Martin 47169 Emscher- 13
– Martin 47057 Nettelbeck- 16
– Martin 47198 Otto- 26
– Martin 47058 Prinzen- 34
– Martin 47137 Spichern- 33a
– Martina 47269 Angermunder- 140
– Martina 47249 Atroper- 41
– Martina 47239 Bahnweg 21a
– Martina 47226 Franz-Schubert- 14
– Martina 47198 Garten- 5
– Martina 47226 Industrie- 39
– Martina 47139 Löwenburg- 1
– Martina 47137 Spichern- 33a
– Mathilde 47059 Kaßlerfelder- 95
– Matthias 47249 Am Lipkamp 9
– Matthias 47119 Rheinallee 9
– Maximilian 47166 Papiermühlen- 67
– Mechthilde 47178 Ottweiler- 21
– Mechthilde 47258 Neben- 18
– Melanie 47051 Kremer- 61
– Melanie 47228 In den Peschen 165
– Melanie 47057 Sternbuschweg 30
– Michael 47166 Diesel- 3
– Michael 47057 Eichendorff- 2
– Michael 47269 Eichen- 26
– Michael 47119 Flora- 21
– Michael 47166 Gottlieb- 21
– Michael 47139 Friedrich-Ebert- 297
– Michael 47178 Friedrich-Ebert- 190
– Michael 47057 Gneisenau- 65
– Michael
47249 Großenbaumer Allee 291
– Michael 47059 Java- 64
– Michael 47059 Klever- 55
– Michael 47198 König- 31
– Michael 47137 Kronen- 3
– Michael 47137 Lakumer- 36
– Michael 47137 Mühlen- 24
– Michael 47259 Mündelheimer- 194
– Michael 47198 Prinzen- 68
– Michael 47178 Stein- 10
– Michael 47169 Weseler- 60
Einwohner Namen-Teil
A-DU	Firmen, Gewerbebetriebe usw. nach Namen – siehe gelber Teil
